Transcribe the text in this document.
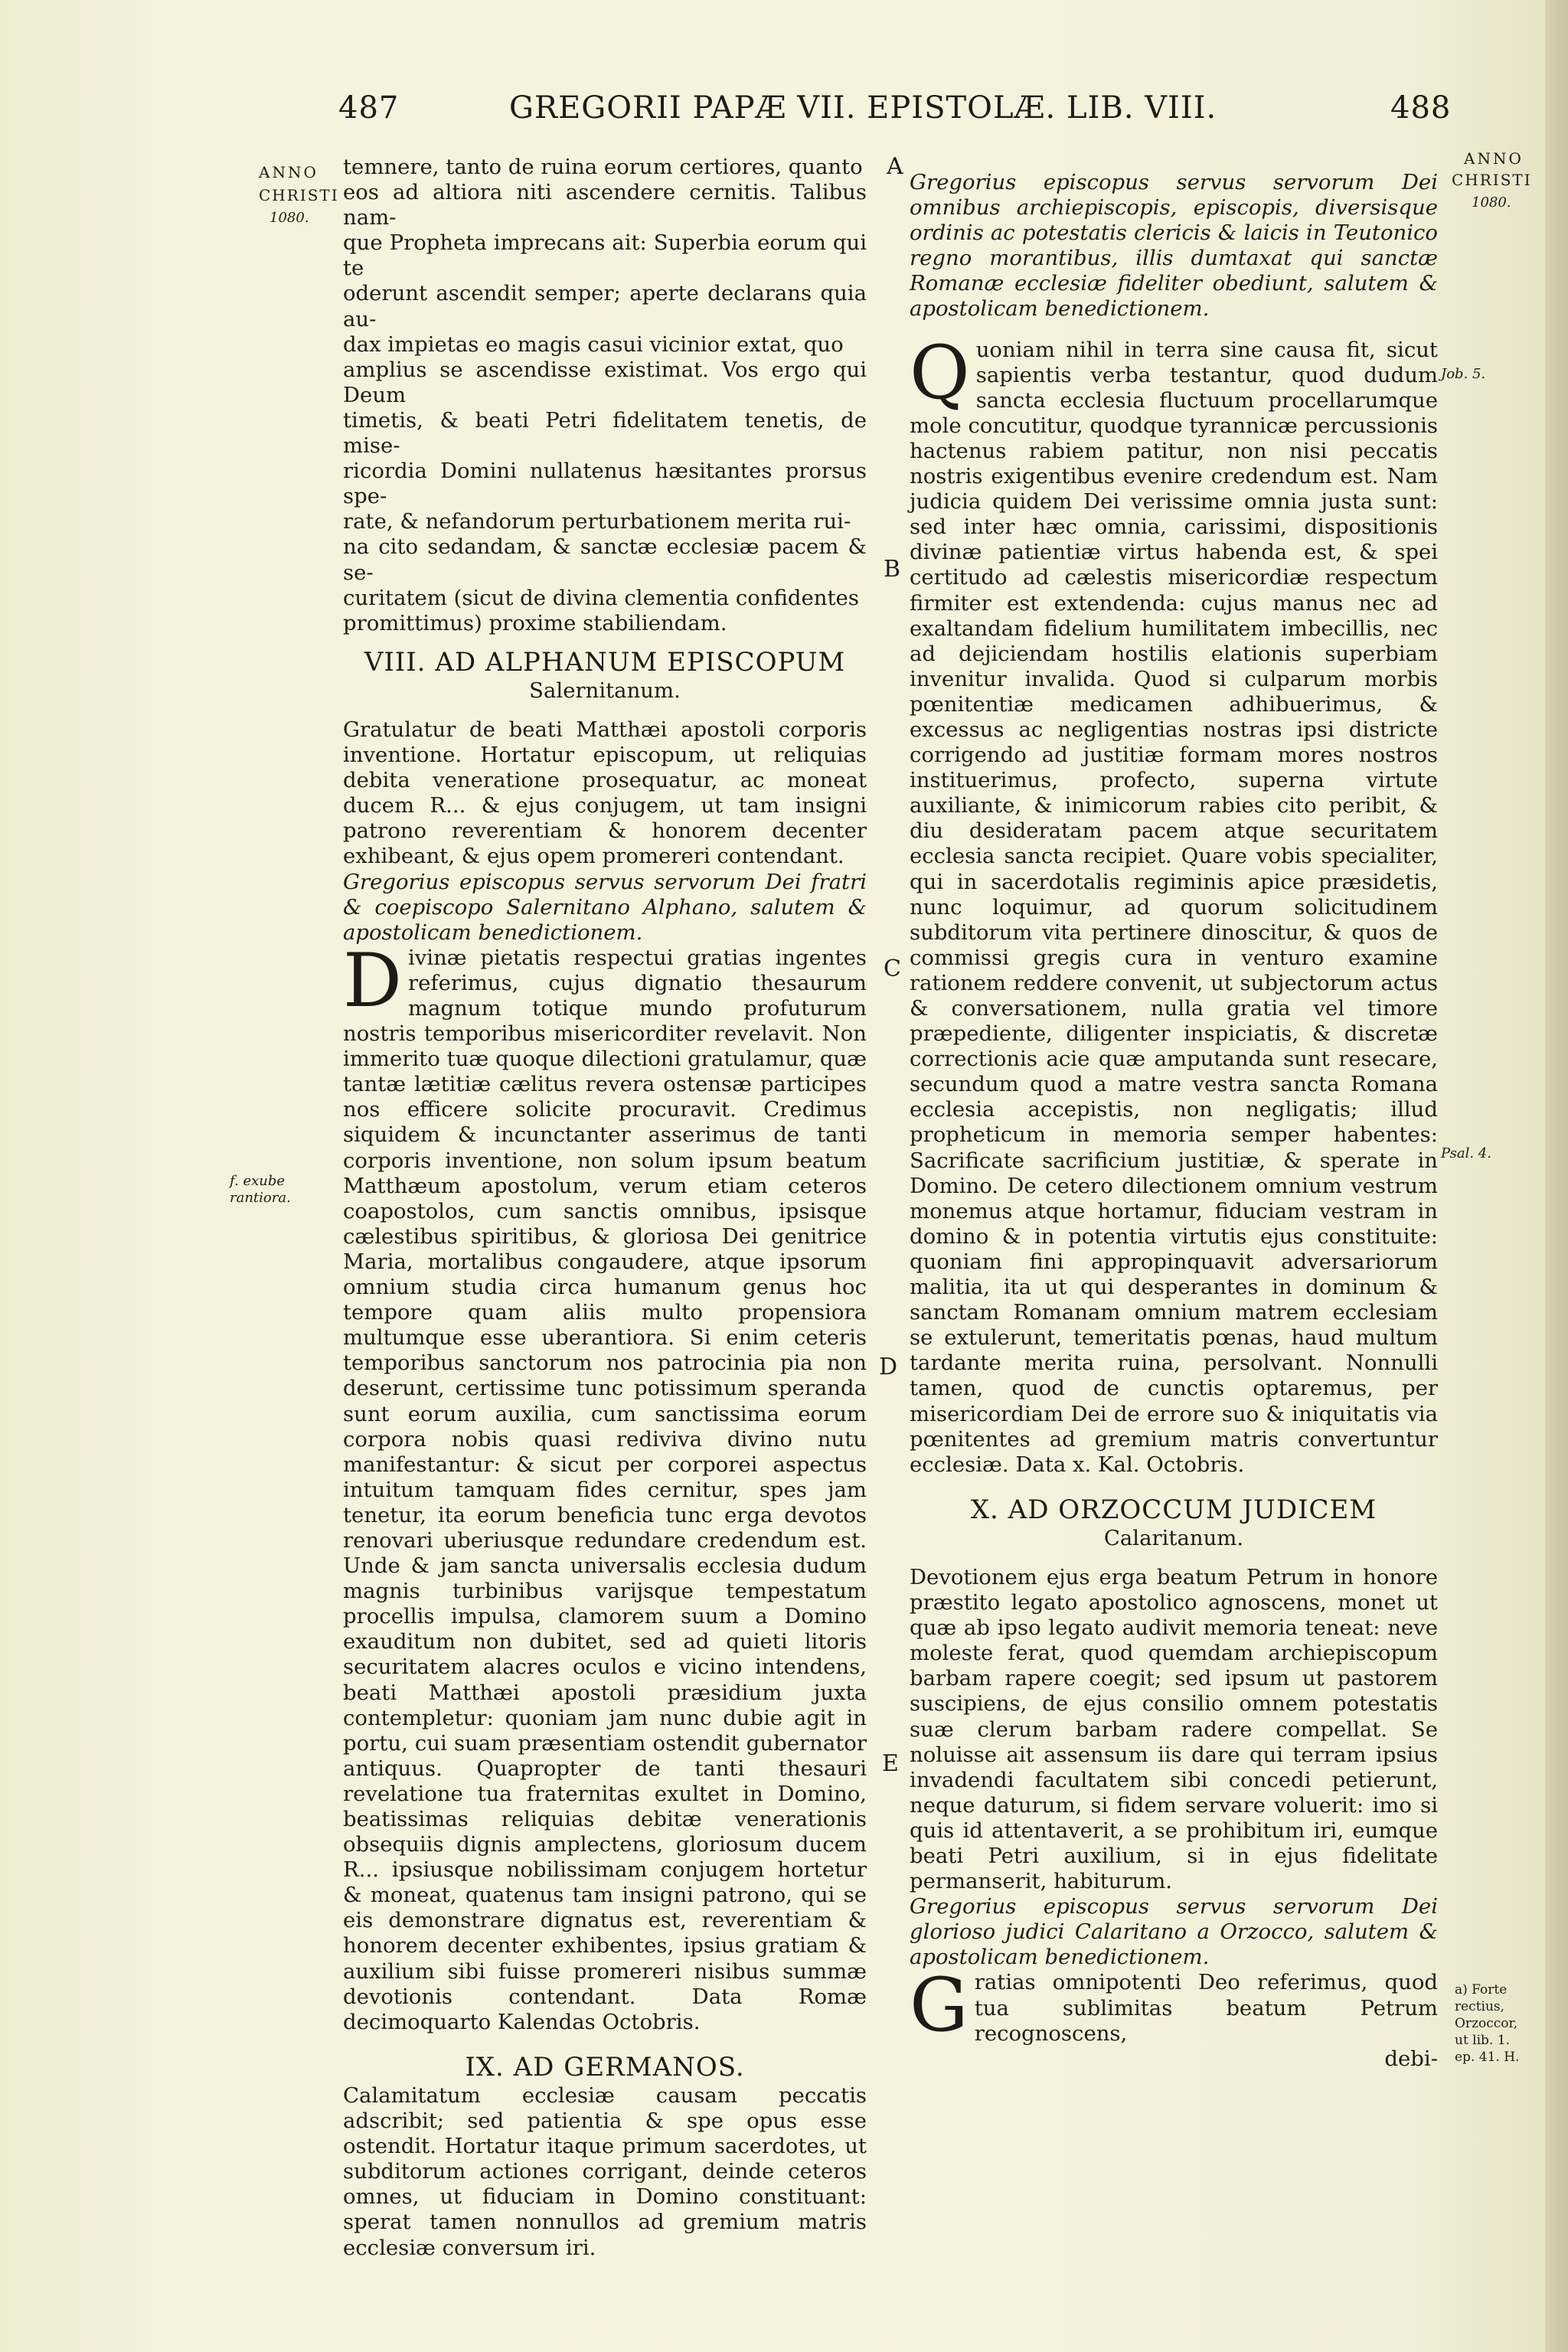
487	GREGORII PAPÆ VII. EPISTOLÆ. LIB. VIII.	488
ANNO
CHRISTI
1080.
f. exube rantiora.
ANNO
CHRISTI
1080.
Job. 5.
Psal. 4.
a) Forte rectius, Orzoccor, ut lib. 1. ep. 41. H.
A
B
C
D
E

temnere, tanto de ruina eorum certiores, quanto

eos ad altiora niti ascendere cernitis. Talibus nam-

que Propheta imprecans ait: Superbia eorum qui te

oderunt ascendit semper; aperte declarans quia au-

dax impietas eo magis casui vicinior extat, quo

amplius se ascendisse existimat. Vos ergo qui Deum

timetis, & beati Petri fidelitatem tenetis, de mise-

ricordia Domini nullatenus hæsitantes prorsus spe-

rate, & nefandorum perturbationem merita rui-

na cito sedandam, & sanctæ ecclesiæ pacem & se-

curitatem (sicut de divina clementia confidentes

promittimus) proxime stabiliendam.

VIII. AD ALPHANUM EPISCOPUM
Salernitanum.

Gratulatur de beati Matthæi apostoli corporis inventione. Hortatur episcopum, ut reliquias debita veneratione prosequatur, ac moneat ducem R... & ejus conjugem, ut tam insigni patrono reverentiam & honorem decenter exhibeant, & ejus opem promereri contendant.

Gregorius episcopus servus servorum Dei fratri & coepiscopo Salernitano Alphano, salutem & apostolicam benedictionem.

Divinæ pietatis respectui gratias ingentes referimus, cujus dignatio thesaurum magnum totique mundo profuturum nostris temporibus misericorditer revelavit. Non immerito tuæ quoque dilectioni gratulamur, quæ tantæ lætitiæ cælitus revera ostensæ participes nos efficere solicite procuravit. Credimus siquidem & incunctanter asserimus de tanti corporis inventione, non solum ipsum beatum Matthæum apostolum, verum etiam ceteros coapostolos, cum sanctis omnibus, ipsisque cælestibus spiritibus, & gloriosa Dei genitrice Maria, mortalibus congaudere, atque ipsorum omnium studia circa humanum genus hoc tempore quam aliis multo propensiora multumque esse uberantiora. Si enim ceteris temporibus sanctorum nos patrocinia pia non deserunt, certissime tunc potissimum speranda sunt eorum auxilia, cum sanctissima eorum corpora nobis quasi rediviva divino nutu manifestantur: & sicut per corporei aspectus intuitum tamquam fides cernitur, spes jam tenetur, ita eorum beneficia tunc erga devotos renovari uberiusque redundare credendum est. Unde & jam sancta universalis ecclesia dudum magnis turbinibus varijsque tempestatum procellis impulsa, clamorem suum a Domino exauditum non dubitet, sed ad quieti litoris securitatem alacres oculos e vicino intendens, beati Matthæi apostoli præsidium juxta contempletur: quoniam jam nunc dubie agit in portu, cui suam præsentiam ostendit gubernator antiquus. Quapropter de tanti thesauri revelatione tua fraternitas exultet in Domino, beatissimas reliquias debitæ venerationis obsequiis dignis amplectens, gloriosum ducem R... ipsiusque nobilissimam conjugem hortetur & moneat, quatenus tam insigni patrono, qui se eis demonstrare dignatus est, reverentiam & honorem decenter exhibentes, ipsius gratiam & auxilium sibi fuisse promereri nisibus summæ devotionis contendant. Data Romæ decimoquarto Kalendas Octobris.

IX. AD GERMANOS.

Calamitatum ecclesiæ causam peccatis adscribit; sed patientia & spe opus esse ostendit. Hortatur itaque primum sacerdotes, ut subditorum actiones corrigant, deinde ceteros omnes, ut fiduciam in Domino constituant: sperat tamen nonnullos ad gremium matris ecclesiæ conversum iri.

Gregorius episcopus servus servorum Dei omnibus archiepiscopis, episcopis, diversisque ordinis ac potestatis clericis & laicis in Teutonico regno morantibus, illis dumtaxat qui sanctæ Romanæ ecclesiæ fideliter obediunt, salutem & apostolicam benedictionem.

Quoniam nihil in terra sine causa fit, sicut sapientis verba testantur, quod dudum sancta ecclesia fluctuum procellarumque mole concutitur, quodque tyrannicæ percussionis hactenus rabiem patitur, non nisi peccatis nostris exigentibus evenire credendum est. Nam judicia quidem Dei verissime omnia justa sunt: sed inter hæc omnia, carissimi, dispositionis divinæ patientiæ virtus habenda est, & spei certitudo ad cælestis misericordiæ respectum firmiter est extendenda: cujus manus nec ad exaltandam fidelium humilitatem imbecillis, nec ad dejiciendam hostilis elationis superbiam invenitur invalida. Quod si culparum morbis pœnitentiæ medicamen adhibuerimus, & excessus ac negligentias nostras ipsi districte corrigendo ad justitiæ formam mores nostros instituerimus, profecto, superna virtute auxiliante, & inimicorum rabies cito peribit, & diu desideratam pacem atque securitatem ecclesia sancta recipiet. Quare vobis specialiter, qui in sacerdotalis regiminis apice præsidetis, nunc loquimur, ad quorum solicitudinem subditorum vita pertinere dinoscitur, & quos de commissi gregis cura in venturo examine rationem reddere convenit, ut subjectorum actus & conversationem, nulla gratia vel timore præpediente, diligenter inspiciatis, & discretæ correctionis acie quæ amputanda sunt resecare, secundum quod a matre vestra sancta Romana ecclesia accepistis, non negligatis; illud propheticum in memoria semper habentes: Sacrificate sacrificium justitiæ, & sperate in Domino. De cetero dilectionem omnium vestrum monemus atque hortamur, fiduciam vestram in domino & in potentia virtutis ejus constituite: quoniam fini appropinquavit adversariorum malitia, ita ut qui desperantes in dominum & sanctam Romanam omnium matrem ecclesiam se extulerunt, temeritatis pœnas, haud multum tardante merita ruina, persolvant. Nonnulli tamen, quod de cunctis optaremus, per misericordiam Dei de errore suo & iniquitatis via pœnitentes ad gremium matris convertuntur ecclesiæ. Data x. Kal. Octobris.

X. AD ORZOCCUM JUDICEM
Calaritanum.

Devotionem ejus erga beatum Petrum in honore præstito legato apostolico agnoscens, monet ut quæ ab ipso legato audivit memoria teneat: neve moleste ferat, quod quemdam archiepiscopum barbam rapere coegit; sed ipsum ut pastorem suscipiens, de ejus consilio omnem potestatis suæ clerum barbam radere compellat. Se noluisse ait assensum iis dare qui terram ipsius invadendi facultatem sibi concedi petierunt, neque daturum, si fidem servare voluerit: imo si quis id attentaverit, a se prohibitum iri, eumque beati Petri auxilium, si in ejus fidelitate permanserit, habiturum.

Gregorius episcopus servus servorum Dei glorioso judici Calaritano a Orzocco, salutem & apostolicam benedictionem.

Gratias omnipotenti Deo referimus, quod tua sublimitas beatum Petrum recognoscens,

debi-
